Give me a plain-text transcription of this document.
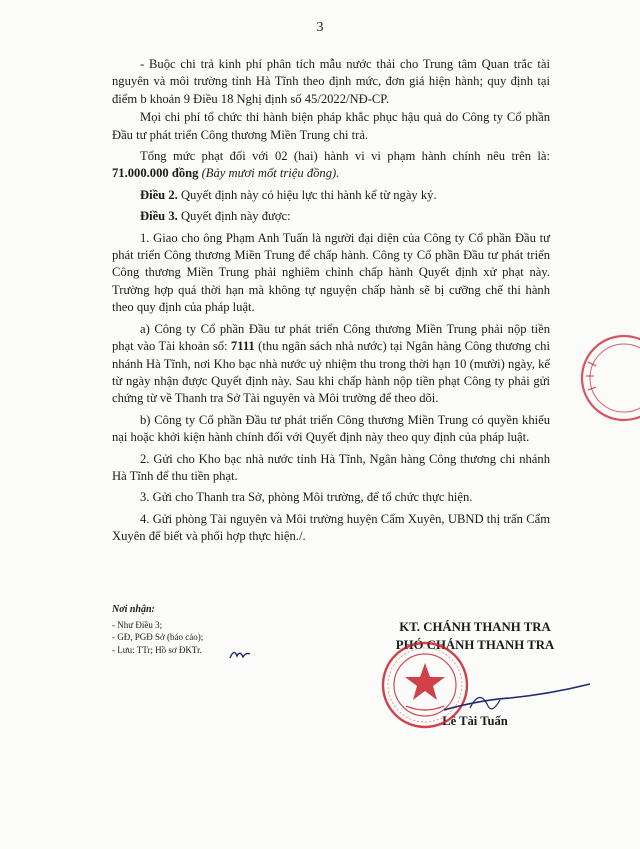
3

- Buộc chi trả kinh phí phân tích mẫu nước thải cho Trung tâm Quan trắc tài nguyên và môi trường tỉnh Hà Tĩnh theo định mức, đơn giá hiện hành; quy định tại điểm b khoản 9 Điều 18 Nghị định số 45/2022/NĐ-CP.

Mọi chi phí tổ chức thi hành biện pháp khắc phục hậu quả do Công ty Cổ phần Đầu tư phát triển Công thương Miền Trung chi trả.

Tổng mức phạt đối với 02 (hai) hành vi vi phạm hành chính nêu trên là: 71.000.000 đồng (Bảy mươi mốt triệu đồng).

Điều 2. Quyết định này có hiệu lực thi hành kể từ ngày ký.

Điều 3. Quyết định này được:

1. Giao cho ông Phạm Anh Tuấn là người đại diện của Công ty Cổ phần Đầu tư phát triển Công thương Miền Trung để chấp hành. Công ty Cổ phần Đầu tư phát triển Công thương Miền Trung phải nghiêm chỉnh chấp hành Quyết định xử phạt này. Trường hợp quá thời hạn mà không tự nguyện chấp hành sẽ bị cưỡng chế thi hành theo quy định của pháp luật.

a) Công ty Cổ phần Đầu tư phát triển Công thương Miền Trung phải nộp tiền phạt vào Tài khoản số: 7111 (thu ngân sách nhà nước) tại Ngân hàng Công thương chi nhánh Hà Tĩnh, nơi Kho bạc nhà nước uỷ nhiệm thu trong thời hạn 10 (mười) ngày, kể từ ngày nhận được Quyết định này. Sau khi chấp hành nộp tiền phạt Công ty phải gửi chứng từ về Thanh tra Sở Tài nguyên và Môi trường để theo dõi.

b) Công ty Cổ phần Đầu tư phát triển Công thương Miền Trung có quyền khiếu nại hoặc khởi kiện hành chính đối với Quyết định này theo quy định của pháp luật.

2. Gửi cho Kho bạc nhà nước tỉnh Hà Tĩnh, Ngân hàng Công thương chi nhánh Hà Tĩnh để thu tiền phạt.

3. Gửi cho Thanh tra Sở, phòng Môi trường, để tổ chức thực hiện.

4. Gửi phòng Tài nguyên và Môi trường huyện Cẩm Xuyên, UBND thị trấn Cẩm Xuyên để biết và phối hợp thực hiện./.

Nơi nhận:
- Như Điều 3;
- GĐ, PGĐ Sở (báo cáo);
- Lưu: TTr; Hồ sơ ĐKTr.
KT. CHÁNH THANH TRA
PHÓ CHÁNH THANH TRA
Lê Tài Tuấn
